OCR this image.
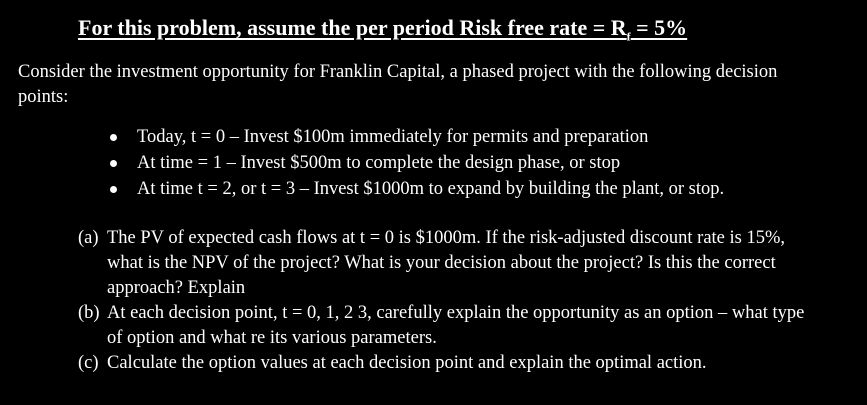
For this problem, assume the per period Risk free rate = $R_f = 5\%$
Consider the investment opportunity for Franklin Capital, a phased project with the following decision points:
Today, t = 0 – Invest $100m immediately for permits and preparation
At time = 1 – Invest $500m to complete the design phase, or stop
At time t = 2, or t = 3 – Invest $1000m to expand by building the plant, or stop.
(a) The PV of expected cash flows at t = 0 is $1000m. If the risk-adjusted discount rate is 15%, what is the NPV of the project? What is your decision about the project? Is this the correct approach? Explain
(b) At each decision point, t = 0, 1, 2 3, carefully explain the opportunity as an option – what type of option and what re its various parameters.
(c) Calculate the option values at each decision point and explain the optimal action.
